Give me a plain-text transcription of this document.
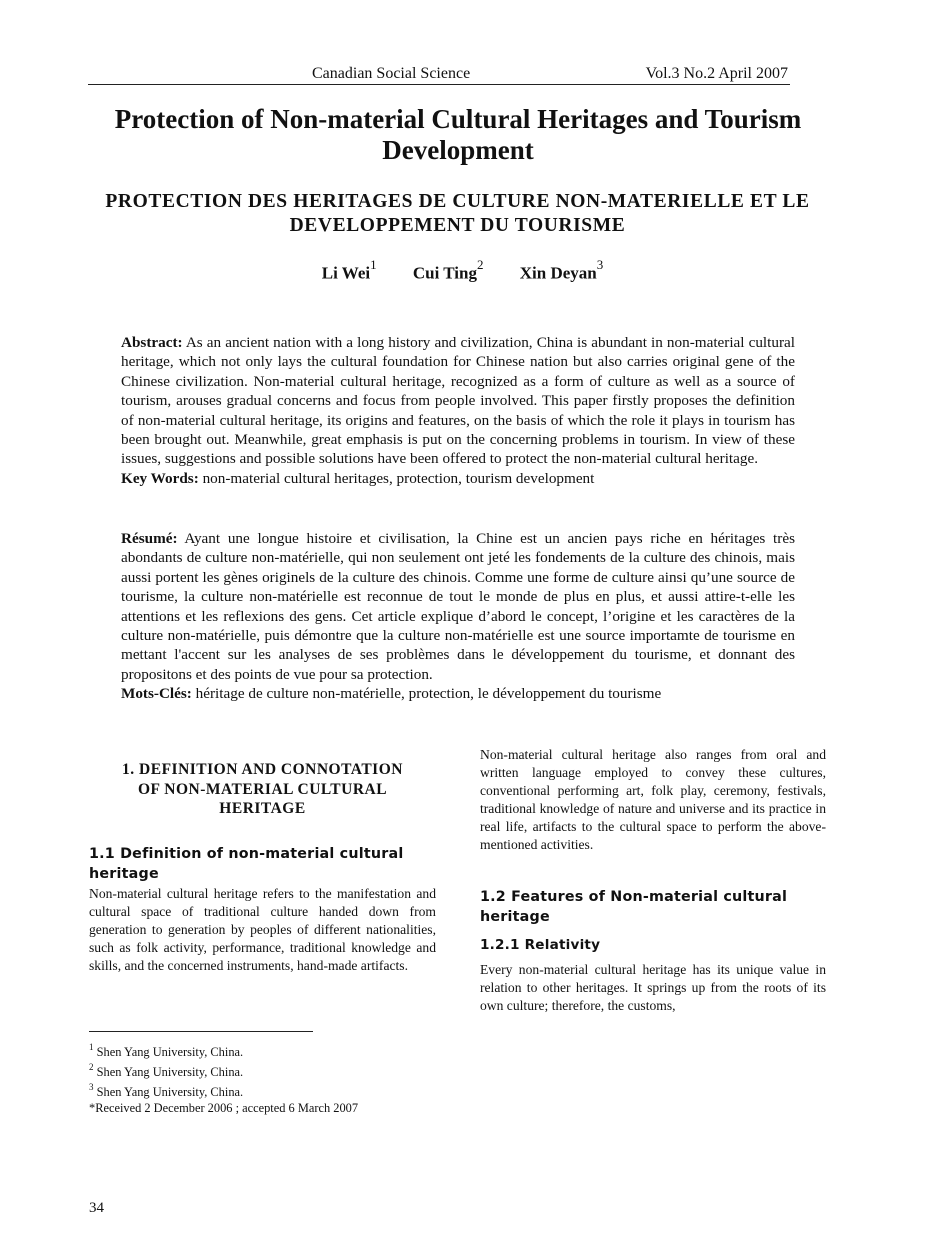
Canadian Social Science	Vol.3 No.2 April 2007
Protection of Non-material Cultural Heritages and Tourism Development
PROTECTION DES HERITAGES DE CULTURE NON-MATERIELLE ET LE DEVELOPPEMENT DU TOURISME
Li Wei$^1$ Cui Ting$^2$ Xin Deyan$^3$
Abstract: As an ancient nation with a long history and civilization, China is abundant in non-material cultural heritage, which not only lays the cultural foundation for Chinese nation but also carries original gene of the Chinese civilization. Non-material cultural heritage, recognized as a form of culture as well as a source of tourism, arouses gradual concerns and focus from people involved. This paper firstly proposes the definition of non-material cultural heritage, its origins and features, on the basis of which the role it plays in tourism has been brought out. Meanwhile, great emphasis is put on the concerning problems in tourism. In view of these issues, suggestions and possible solutions have been offered to protect the non-material cultural heritage.
Key Words: non-material cultural heritages, protection, tourism development
Résumé: Ayant une longue histoire et civilisation, la Chine est un ancien pays riche en héritages très abondants de culture non-matérielle, qui non seulement ont jeté les fondements de la culture des chinois, mais aussi portent les gènes originels de la culture des chinois. Comme une forme de culture ainsi qu’une source de tourisme, la culture non-matérielle est reconnue de tout le monde de plus en plus, et aussi attire-t-elle les attentions et les reflexions des gens. Cet article explique d’abord le concept, l’origine et les caractères de la culture non-matérielle, puis démontre que la culture non-matérielle est une source importamte de tourisme en mettant l'accent sur les analyses de ses problèmes dans le développement du tourisme, et donnant des propositons et des points de vue pour sa protection.
Mots-Clés: héritage de culture non-matérielle, protection, le développement du tourisme

1. DEFINITION AND CONNOTATION
OF NON-MATERIAL CULTURAL
HERITAGE

1.1 Definition of non-material cultural heritage

Non-material cultural heritage refers to the manifestation and cultural space of traditional culture handed down from generation to generation by peoples of different nationalities, such as folk activity, performance, traditional knowledge and skills, and the concerned instruments, hand-made artifacts.

Non-material cultural heritage also ranges from oral and written language employed to convey these cultures, conventional performing art, folk play, ceremony, festivals, traditional knowledge of nature and universe and its practice in real life, artifacts to the cultural space to perform the above-mentioned activities.

1.2 Features of Non-material cultural heritage

1.2.1 Relativity

Every non-material cultural heritage has its unique value in relation to other heritages. It springs up from the roots of its own culture; therefore, the customs,

$^1$ Shen Yang University, China.
$^2$ Shen Yang University, China.
$^3$ Shen Yang University, China.
*Received 2 December 2006 ; accepted 6 March 2007
34
